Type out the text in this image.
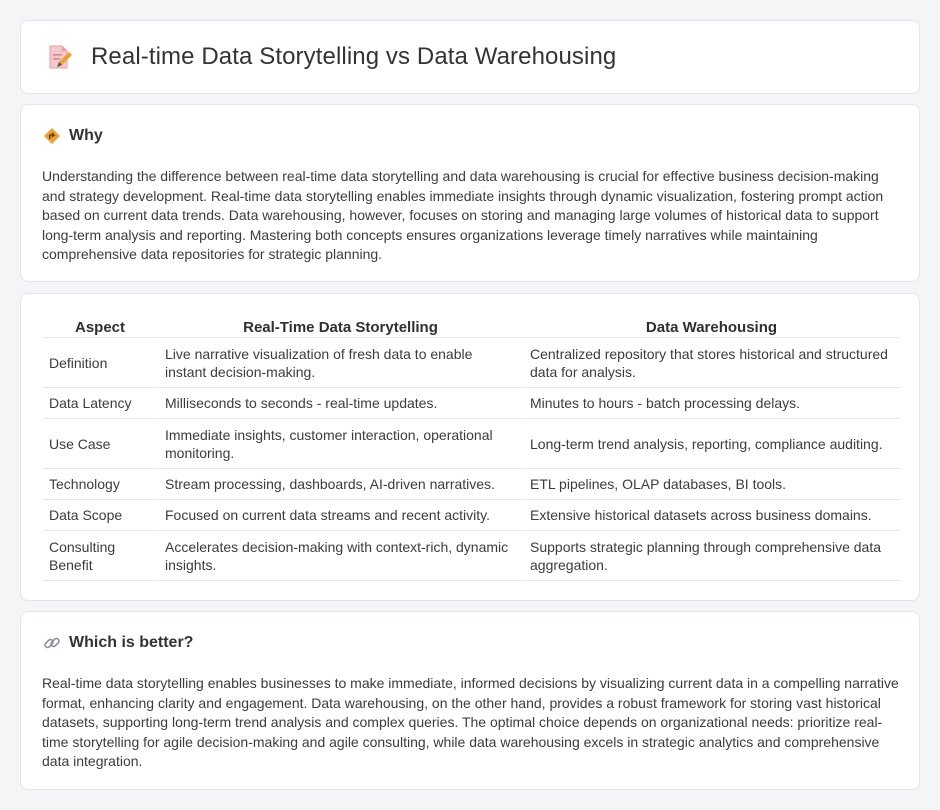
Real-time Data Storytelling vs Data Warehousing
Why

Understanding the difference between real-time data storytelling and data warehousing is crucial for effective business decision-making and strategy development. Real-time data storytelling enables immediate insights through dynamic visualization, fostering prompt action based on current data trends. Data warehousing, however, focuses on storing and managing large volumes of historical data to support long-term analysis and reporting. Mastering both concepts ensures organizations leverage timely narratives while maintaining comprehensive data repositories for strategic planning.

Aspect	Real-Time Data Storytelling	Data Warehousing
Definition	Live narrative visualization of fresh data to enable instant decision-making.	Centralized repository that stores historical and structured data for analysis.
Data Latency	Milliseconds to seconds - real-time updates.	Minutes to hours - batch processing delays.
Use Case	Immediate insights, customer interaction, operational monitoring.	Long-term trend analysis, reporting, compliance auditing.
Technology	Stream processing, dashboards, AI-driven narratives.	ETL pipelines, OLAP databases, BI tools.
Data Scope	Focused on current data streams and recent activity.	Extensive historical datasets across business domains.
Consulting Benefit	Accelerates decision-making with context-rich, dynamic insights.	Supports strategic planning through comprehensive data aggregation.
Which is better?

Real-time data storytelling enables businesses to make immediate, informed decisions by visualizing current data in a compelling narrative format, enhancing clarity and engagement. Data warehousing, on the other hand, provides a robust framework for storing vast historical datasets, supporting long-term trend analysis and complex queries. The optimal choice depends on organizational needs: prioritize real-time storytelling for agile decision-making and agile consulting, while data warehousing excels in strategic analytics and comprehensive data integration.
